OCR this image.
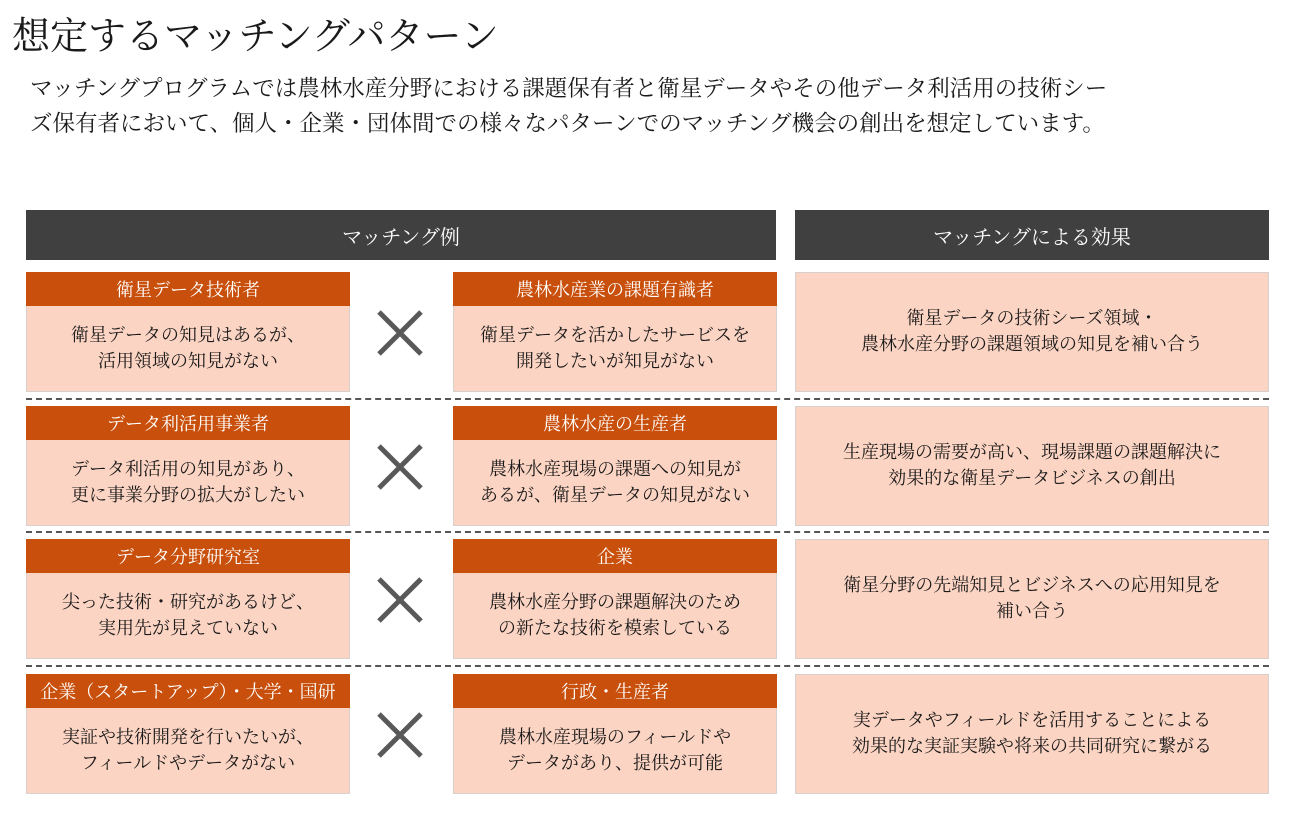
想定するマッチングパターン
マッチングプログラムでは農林水産分野における課題保有者と衛星データやその他データ利活用の技術シー
ズ保有者において、個人・企業・団体間での様々なパターンでのマッチング機会の創出を想定しています。
マッチング例	マッチングによる効果
衛星データ技術者
衛星データの知見はあるが、
活用領域の知見がない
農林水産業の課題有識者
衛星データを活かしたサービスを
開発したいが知見がない
衛星データの技術シーズ領域・
農林水産分野の課題領域の知見を補い合う
データ利活用事業者
データ利活用の知見があり、
更に事業分野の拡大がしたい
農林水産の生産者
農林水産現場の課題への知見が
あるが、衛星データの知見がない
生産現場の需要が高い、現場課題の課題解決に
効果的な衛星データビジネスの創出
データ分野研究室
尖った技術・研究があるけど、
実用先が見えていない
企業
農林水産分野の課題解決のため
の新たな技術を模索している
衛星分野の先端知見とビジネスへの応用知見を
補い合う
企業（スタートアップ）・大学・国研
実証や技術開発を行いたいが、
フィールドやデータがない
行政・生産者
農林水産現場のフィールドや
データがあり、提供が可能
実データやフィールドを活用することによる
効果的な実証実験や将来の共同研究に繋がる
